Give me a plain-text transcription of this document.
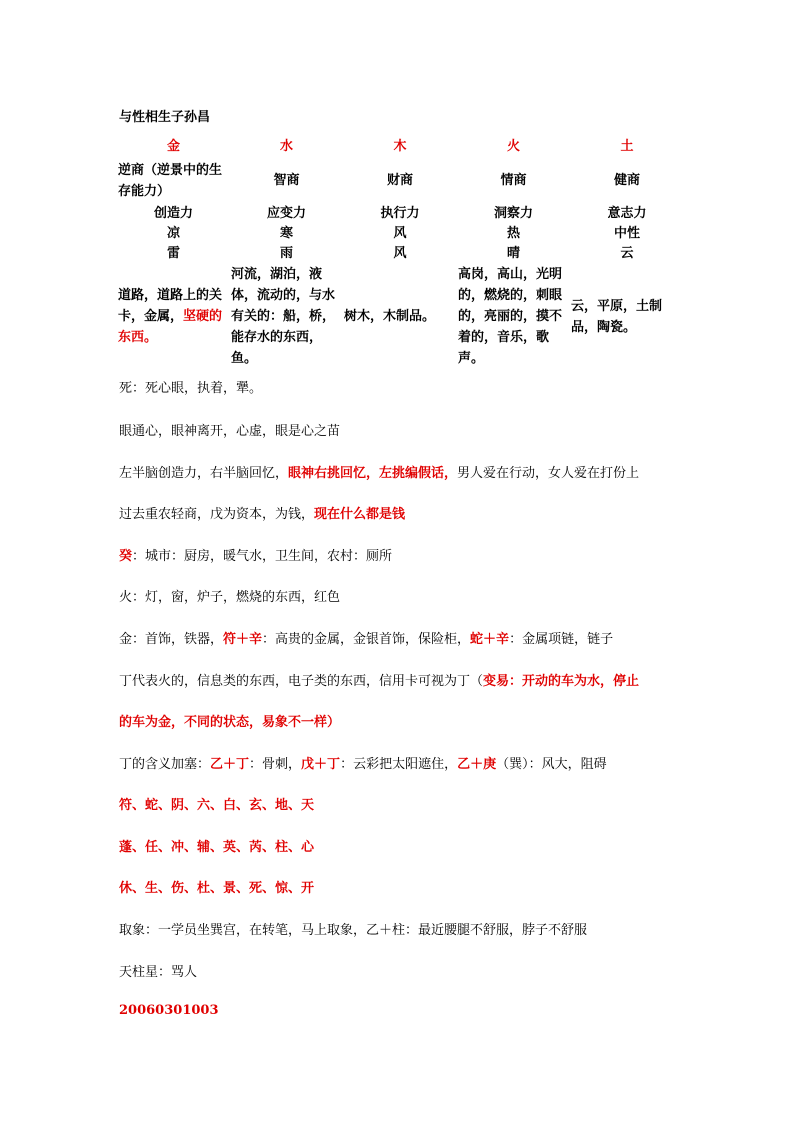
与性相生子孙昌
金	水	木	火	土
逆商（逆景中的生存能力）	智商	财商	情商	健商
创造力	应变力	执行力	洞察力	意志力
凉	寒	风	热	中性
雷	雨	风	晴	云
道路，道路上的关卡，金属，坚硬的东西。	河流，湖泊，液体，流动的，与水有关的：船，桥，能存水的东西，鱼。	树木，木制品。	高岗，高山，光明的，燃烧的，刺眼的，亮丽的，摸不着的，音乐，歌声。	云，平原，土制品，陶瓷。
死：死心眼，执着，犟。
眼通心，眼神离开，心虚，眼是心之苗
左半脑创造力，右半脑回忆，眼神右挑回忆，左挑编假话，男人爱在行动，女人爱在打份上
过去重农轻商，戊为资本，为钱，现在什么都是钱
癸：城市：厨房，暖气水，卫生间，农村：厕所
火：灯，窗，炉子，燃烧的东西，红色
金：首饰，铁器，符＋辛：高贵的金属，金银首饰，保险柜，蛇＋辛：金属项链，链子
丁代表火的，信息类的东西，电子类的东西，信用卡可视为丁（变易：开动的车为水，停止
的车为金，不同的状态，易象不一样）
丁的含义加塞：乙＋丁：骨刺，戊＋丁：云彩把太阳遮住，乙＋庚（巽）：风大，阻碍
符、蛇、阴、六、白、玄、地、天
蓬、任、冲、辅、英、芮、柱、心
休、生、伤、杜、景、死、惊、开
取象：一学员坐巽宫，在转笔，马上取象，乙＋柱：最近腰腿不舒服，脖子不舒服
天柱星：骂人
20060301003
